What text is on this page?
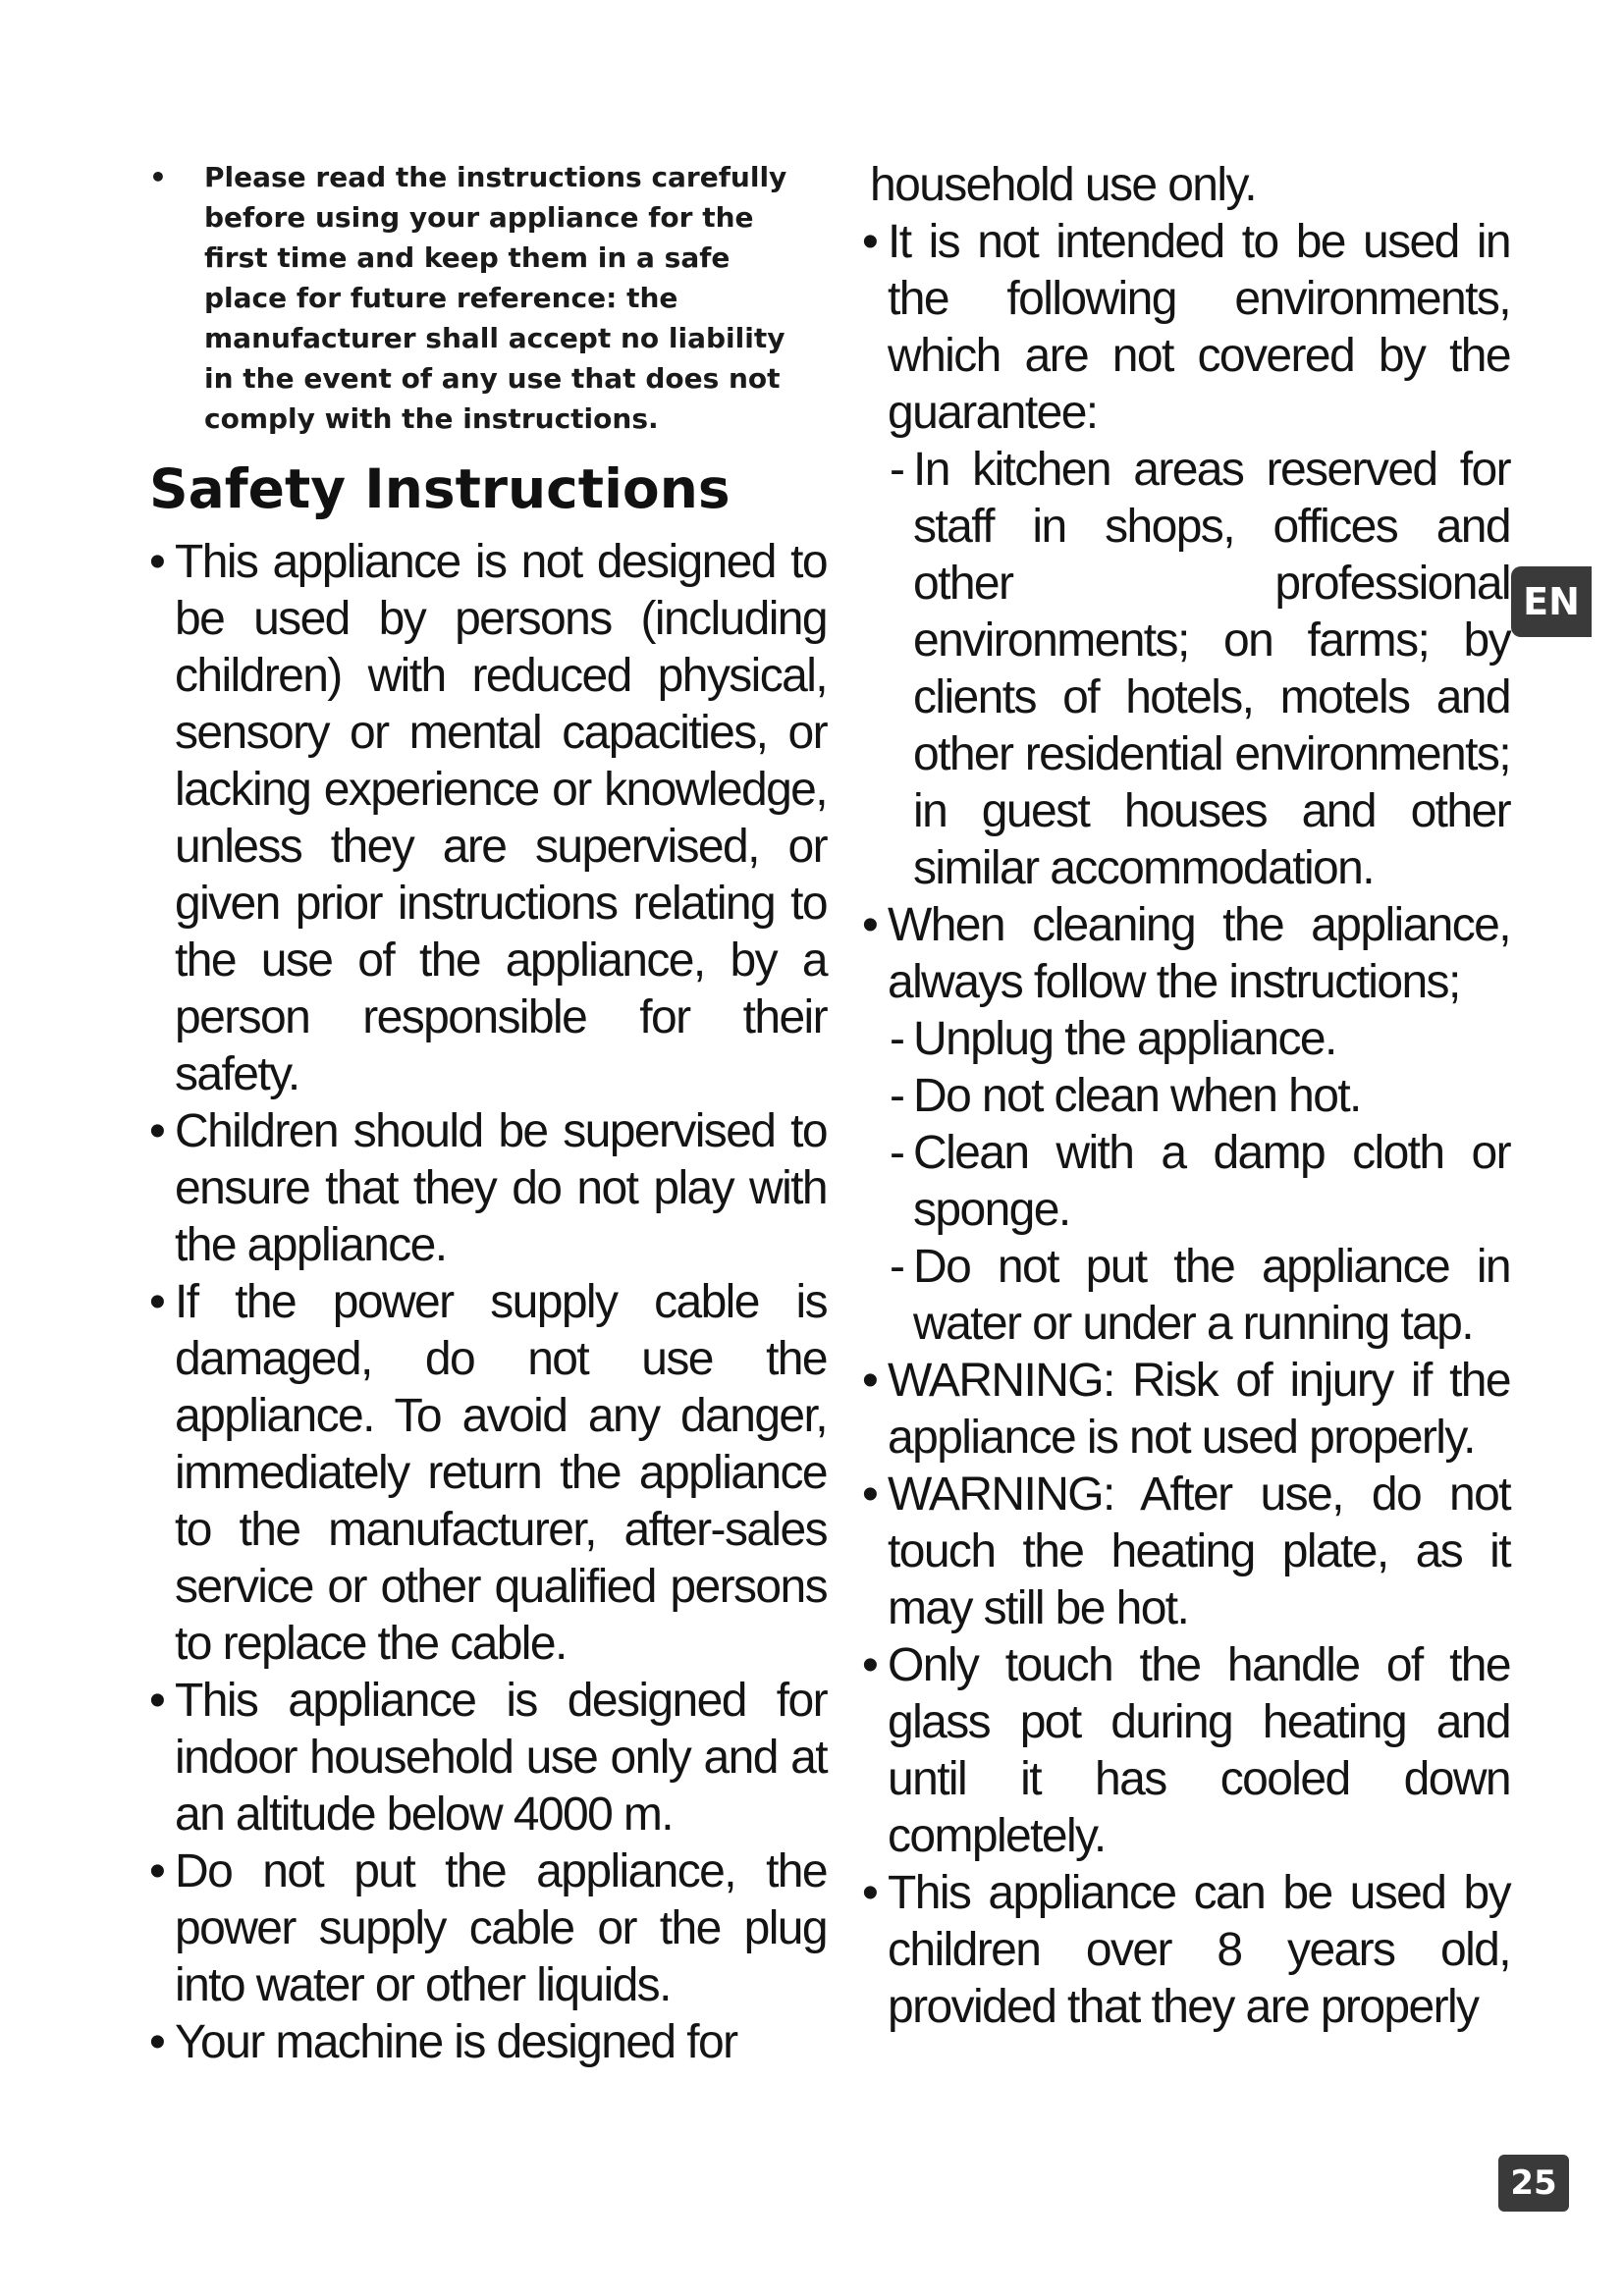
• Please read the instructions carefully before using your appliance for the first time and keep them in a safe place for future reference: the manufacturer shall accept no liability in the event of any use that does not comply with the instructions.
Safety Instructions
• This appliance is not designed to be used by persons (including children) with reduced physical, sensory or mental capacities, or lacking experience or knowledge, unless they are supervised, or given prior instructions relating to the use of the appliance, by a person responsible for their safety.
• Children should be supervised to ensure that they do not play with the appliance.
• If the power supply cable is damaged, do not use the appliance. To avoid any danger, immediately return the appliance to the manufacturer, after-sales service or other qualified persons to replace the cable.
• This appliance is designed for indoor household use only and at an altitude below 4000 m.
• Do not put the appliance, the power supply cable or the plug into water or other liquids.
• Your machine is designed for
household use only.
• It is not intended to be used in the following environments, which are not covered by the guarantee:
- In kitchen areas reserved for staff in shops, offices and other professional environments; on farms; by clients of hotels, motels and other residential environments; in guest houses and other similar accommodation.
• When cleaning the appliance, always follow the instructions;
- Unplug the appliance.
- Do not clean when hot.
- Clean with a damp cloth or sponge.
- Do not put the appliance in water or under a running tap.
• WARNING: Risk of injury if the appliance is not used properly.
• WARNING: After use, do not touch the heating plate, as it may still be hot.
• Only touch the handle of the glass pot during heating and until it has cooled down completely.
• This appliance can be used by children over 8 years old, provided that they are properly
EN
25
